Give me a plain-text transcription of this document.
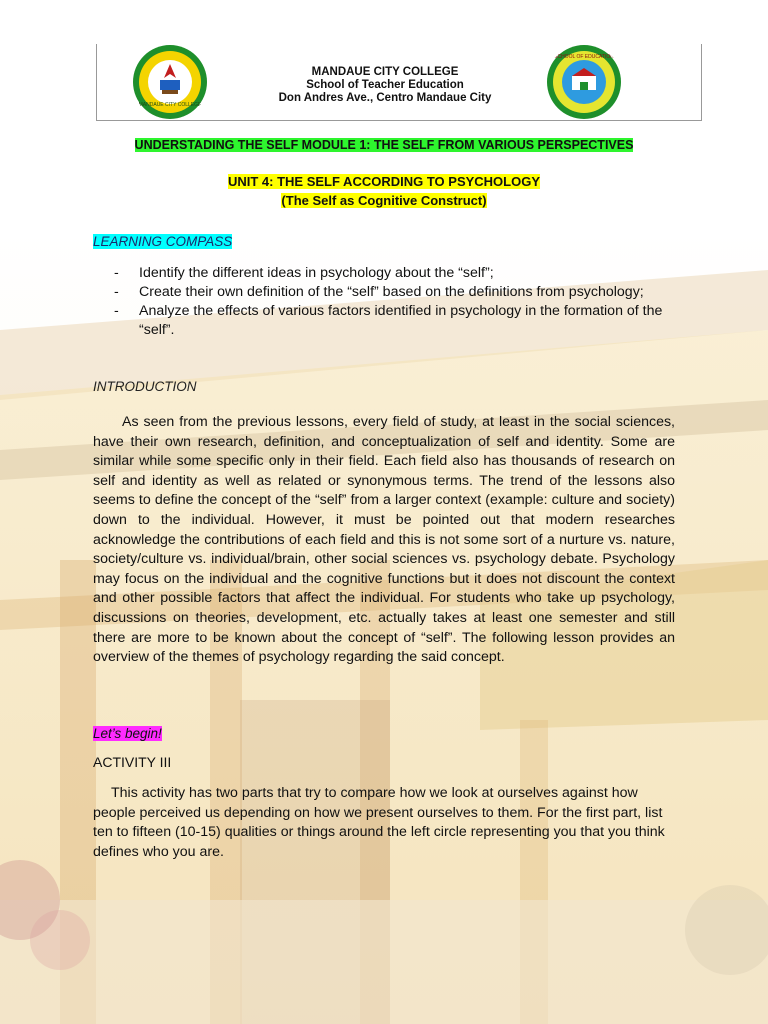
MANDAUE CITY COLLEGE
MANDAUE CITY COLLEGE
School of Teacher Education
Don Andres Ave., Centro Mandaue City
SCHOOL OF EDUCATION
UNDERSTADING THE SELF MODULE 1: THE SELF FROM VARIOUS PERSPECTIVES
UNIT 4: THE SELF ACCORDING TO PSYCHOLOGY
(The Self as Cognitive Construct)
LEARNING COMPASS
- Identify the different ideas in psychology about the “self”;
- Create their own definition of the “self” based on the definitions from psychology;
- Analyze the effects of various factors identified in psychology in the formation of the “self”.
INTRODUCTION

As seen from the previous lessons, every field of study, at least in the social sciences, have their own research, definition, and conceptualization of self and identity. Some are similar while some specific only in their field. Each field also has thousands of research on self and identity as well as related or synonymous terms. The trend of the lessons also seems to define the concept of the “self” from a larger context (example: culture and society) down to the individual. However, it must be pointed out that modern researches acknowledge the contributions of each field and this is not some sort of a nurture vs. nature, society/culture vs. individual/brain, other social sciences vs. psychology debate. Psychology may focus on the individual and the cognitive functions but it does not discount the context and other possible factors that affect the individual. For students who take up psychology, discussions on theories, development, etc. actually takes at least one semester and still there are more to be known about the concept of “self”. The following lesson provides an overview of the themes of psychology regarding the said concept.

Let’s begin!
ACTIVITY III

This activity has two parts that try to compare how we look at ourselves against how people perceived us depending on how we present ourselves to them. For the first part, list ten to fifteen (10-15) qualities or things around the left circle representing you that you think defines who you are.
